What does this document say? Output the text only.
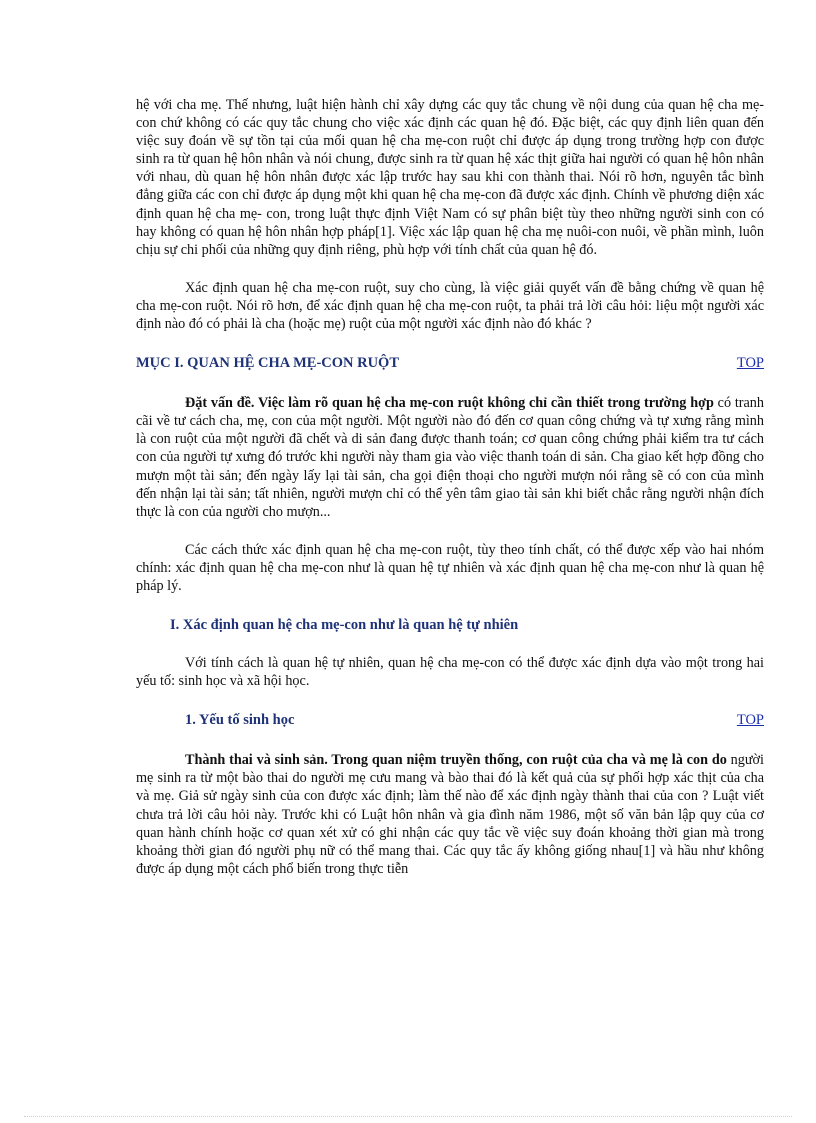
hệ với cha mẹ. Thế nhưng, luật hiện hành chỉ xây dựng các quy tắc chung về nội dung của quan hệ cha mẹ-con chứ không có các quy tắc chung cho việc xác định các quan hệ đó. Đặc biệt, các quy định liên quan đến việc suy đoán về sự tồn tại của mối quan hệ cha mẹ-con ruột chỉ được áp dụng trong trường hợp con được sinh ra từ quan hệ hôn nhân và nói chung, được sinh ra từ quan hệ xác thịt giữa hai người có quan hệ hôn nhân với nhau, dù quan hệ hôn nhân được xác lập trước hay sau khi con thành thai. Nói rõ hơn, nguyên tắc bình đẳng giữa các con chỉ được áp dụng một khi quan hệ cha mẹ-con đã được xác định. Chính về phương diện xác định quan hệ cha mẹ- con, trong luật thực định Việt Nam có sự phân biệt tùy theo những người sinh con có hay không có quan hệ hôn nhân hợp pháp[1]. Việc xác lập quan hệ cha mẹ nuôi-con nuôi, về phần mình, luôn chịu sự chi phối của những quy định riêng, phù hợp với tính chất của quan hệ đó.

Xác định quan hệ cha mẹ-con ruột, suy cho cùng, là việc giải quyết vấn đề bằng chứng về quan hệ cha mẹ-con ruột. Nói rõ hơn, để xác định quan hệ cha mẹ-con ruột, ta phải trả lời câu hỏi: liệu một người xác định nào đó có phải là cha (hoặc mẹ) ruột của một người xác định nào đó khác ?

MỤC I. QUAN HỆ CHA MẸ-CON RUỘT	TOP

Đặt vấn đề. Việc làm rõ quan hệ cha mẹ-con ruột không chỉ cần thiết trong trường hợp có tranh cãi về tư cách cha, mẹ, con của một người. Một người nào đó đến cơ quan công chứng và tự xưng rằng mình là con ruột của một người đã chết và di sản đang được thanh toán; cơ quan công chứng phải kiểm tra tư cách con của người tự xưng đó trước khi người này tham gia vào việc thanh toán di sản. Cha giao kết hợp đồng cho mượn một tài sản; đến ngày lấy lại tài sản, cha gọi điện thoại cho người mượn nói rằng sẽ có con của mình đến nhận lại tài sản; tất nhiên, người mượn chỉ có thể yên tâm giao tài sản khi biết chắc rằng người nhận đích thực là con của người cho mượn...

Các cách thức xác định quan hệ cha mẹ-con ruột, tùy theo tính chất, có thể được xếp vào hai nhóm chính: xác định quan hệ cha mẹ-con như là quan hệ tự nhiên và xác định quan hệ cha mẹ-con như là quan hệ pháp lý.

I. Xác định quan hệ cha mẹ-con như là quan hệ tự nhiên

Với tính cách là quan hệ tự nhiên, quan hệ cha mẹ-con có thể được xác định dựa vào một trong hai yếu tố: sinh học và xã hội học.

1. Yếu tố sinh học	TOP

Thành thai và sinh sản. Trong quan niệm truyền thống, con ruột của cha và mẹ là con do người mẹ sinh ra từ một bào thai do người mẹ cưu mang và bào thai đó là kết quả của sự phối hợp xác thịt của cha và mẹ. Giả sử ngày sinh của con được xác định; làm thế nào để xác định ngày thành thai của con ? Luật viết chưa trả lời câu hỏi này. Trước khi có Luật hôn nhân và gia đình năm 1986, một số văn bản lập quy của cơ quan hành chính hoặc cơ quan xét xử có ghi nhận các quy tắc về việc suy đoán khoảng thời gian mà trong khoảng thời gian đó người phụ nữ có thể mang thai. Các quy tắc ấy không giống nhau[1] và hầu như không được áp dụng một cách phổ biến trong thực tiễn
